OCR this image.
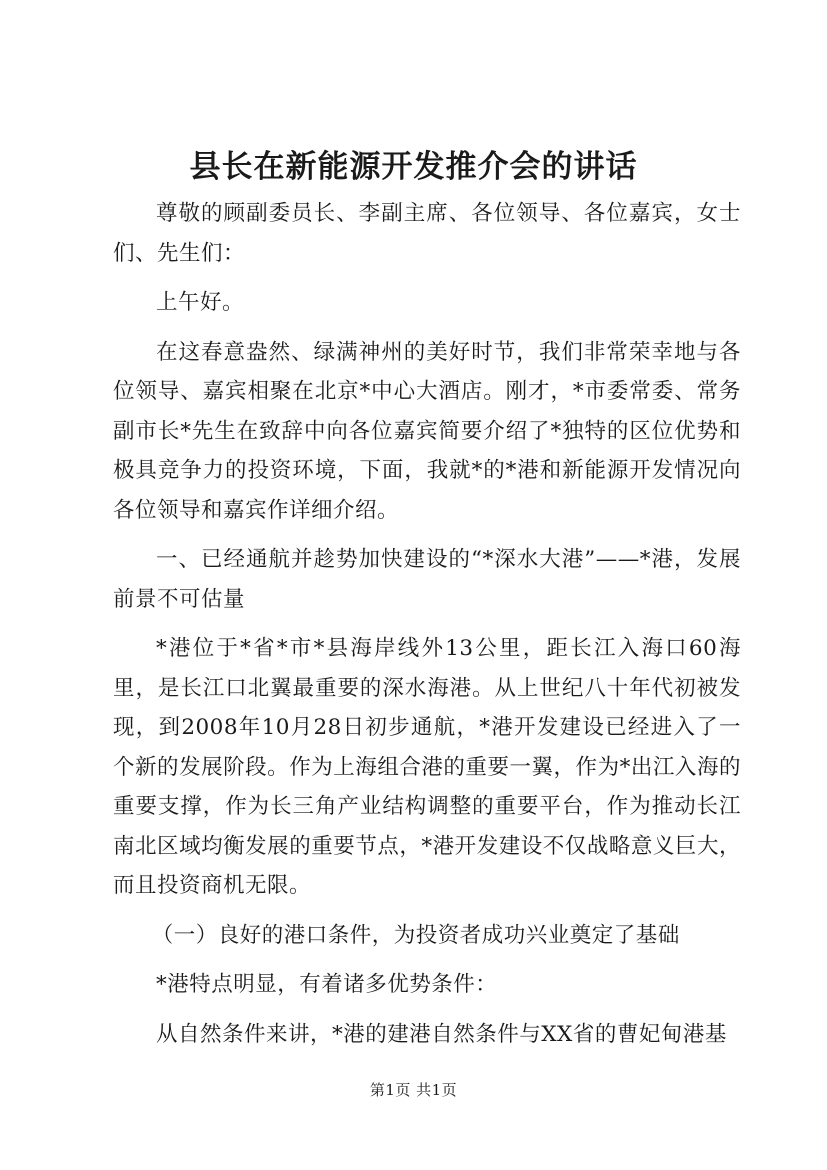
县长在新能源开发推介会的讲话

尊敬的顾副委员长、李副主席、各位领导、各位嘉宾，女士们、先生们：

上午好。

在这春意盎然、绿满神州的美好时节，我们非常荣幸地与各位领导、嘉宾相聚在北京*中心大酒店。刚才，*市委常委、常务副市长*先生在致辞中向各位嘉宾简要介绍了*独特的区位优势和极具竞争力的投资环境，下面，我就*的*港和新能源开发情况向各位领导和嘉宾作详细介绍。

一、已经通航并趁势加快建设的“*深水大港”——*港，发展前景不可估量

*港位于*省*市*县海岸线外13公里，距长江入海口60海里，是长江口北翼最重要的深水海港。从上世纪八十年代初被发现，到2008年10月28日初步通航，*港开发建设已经进入了一个新的发展阶段。作为上海组合港的重要一翼，作为*出江入海的重要支撑，作为长三角产业结构调整的重要平台，作为推动长江南北区域均衡发展的重要节点，*港开发建设不仅战略意义巨大，而且投资商机无限。

（一）良好的港口条件，为投资者成功兴业奠定了基础

*港特点明显，有着诸多优势条件：

从自然条件来讲，*港的建港自然条件与XX省的曹妃甸港基

第1页 共1页
